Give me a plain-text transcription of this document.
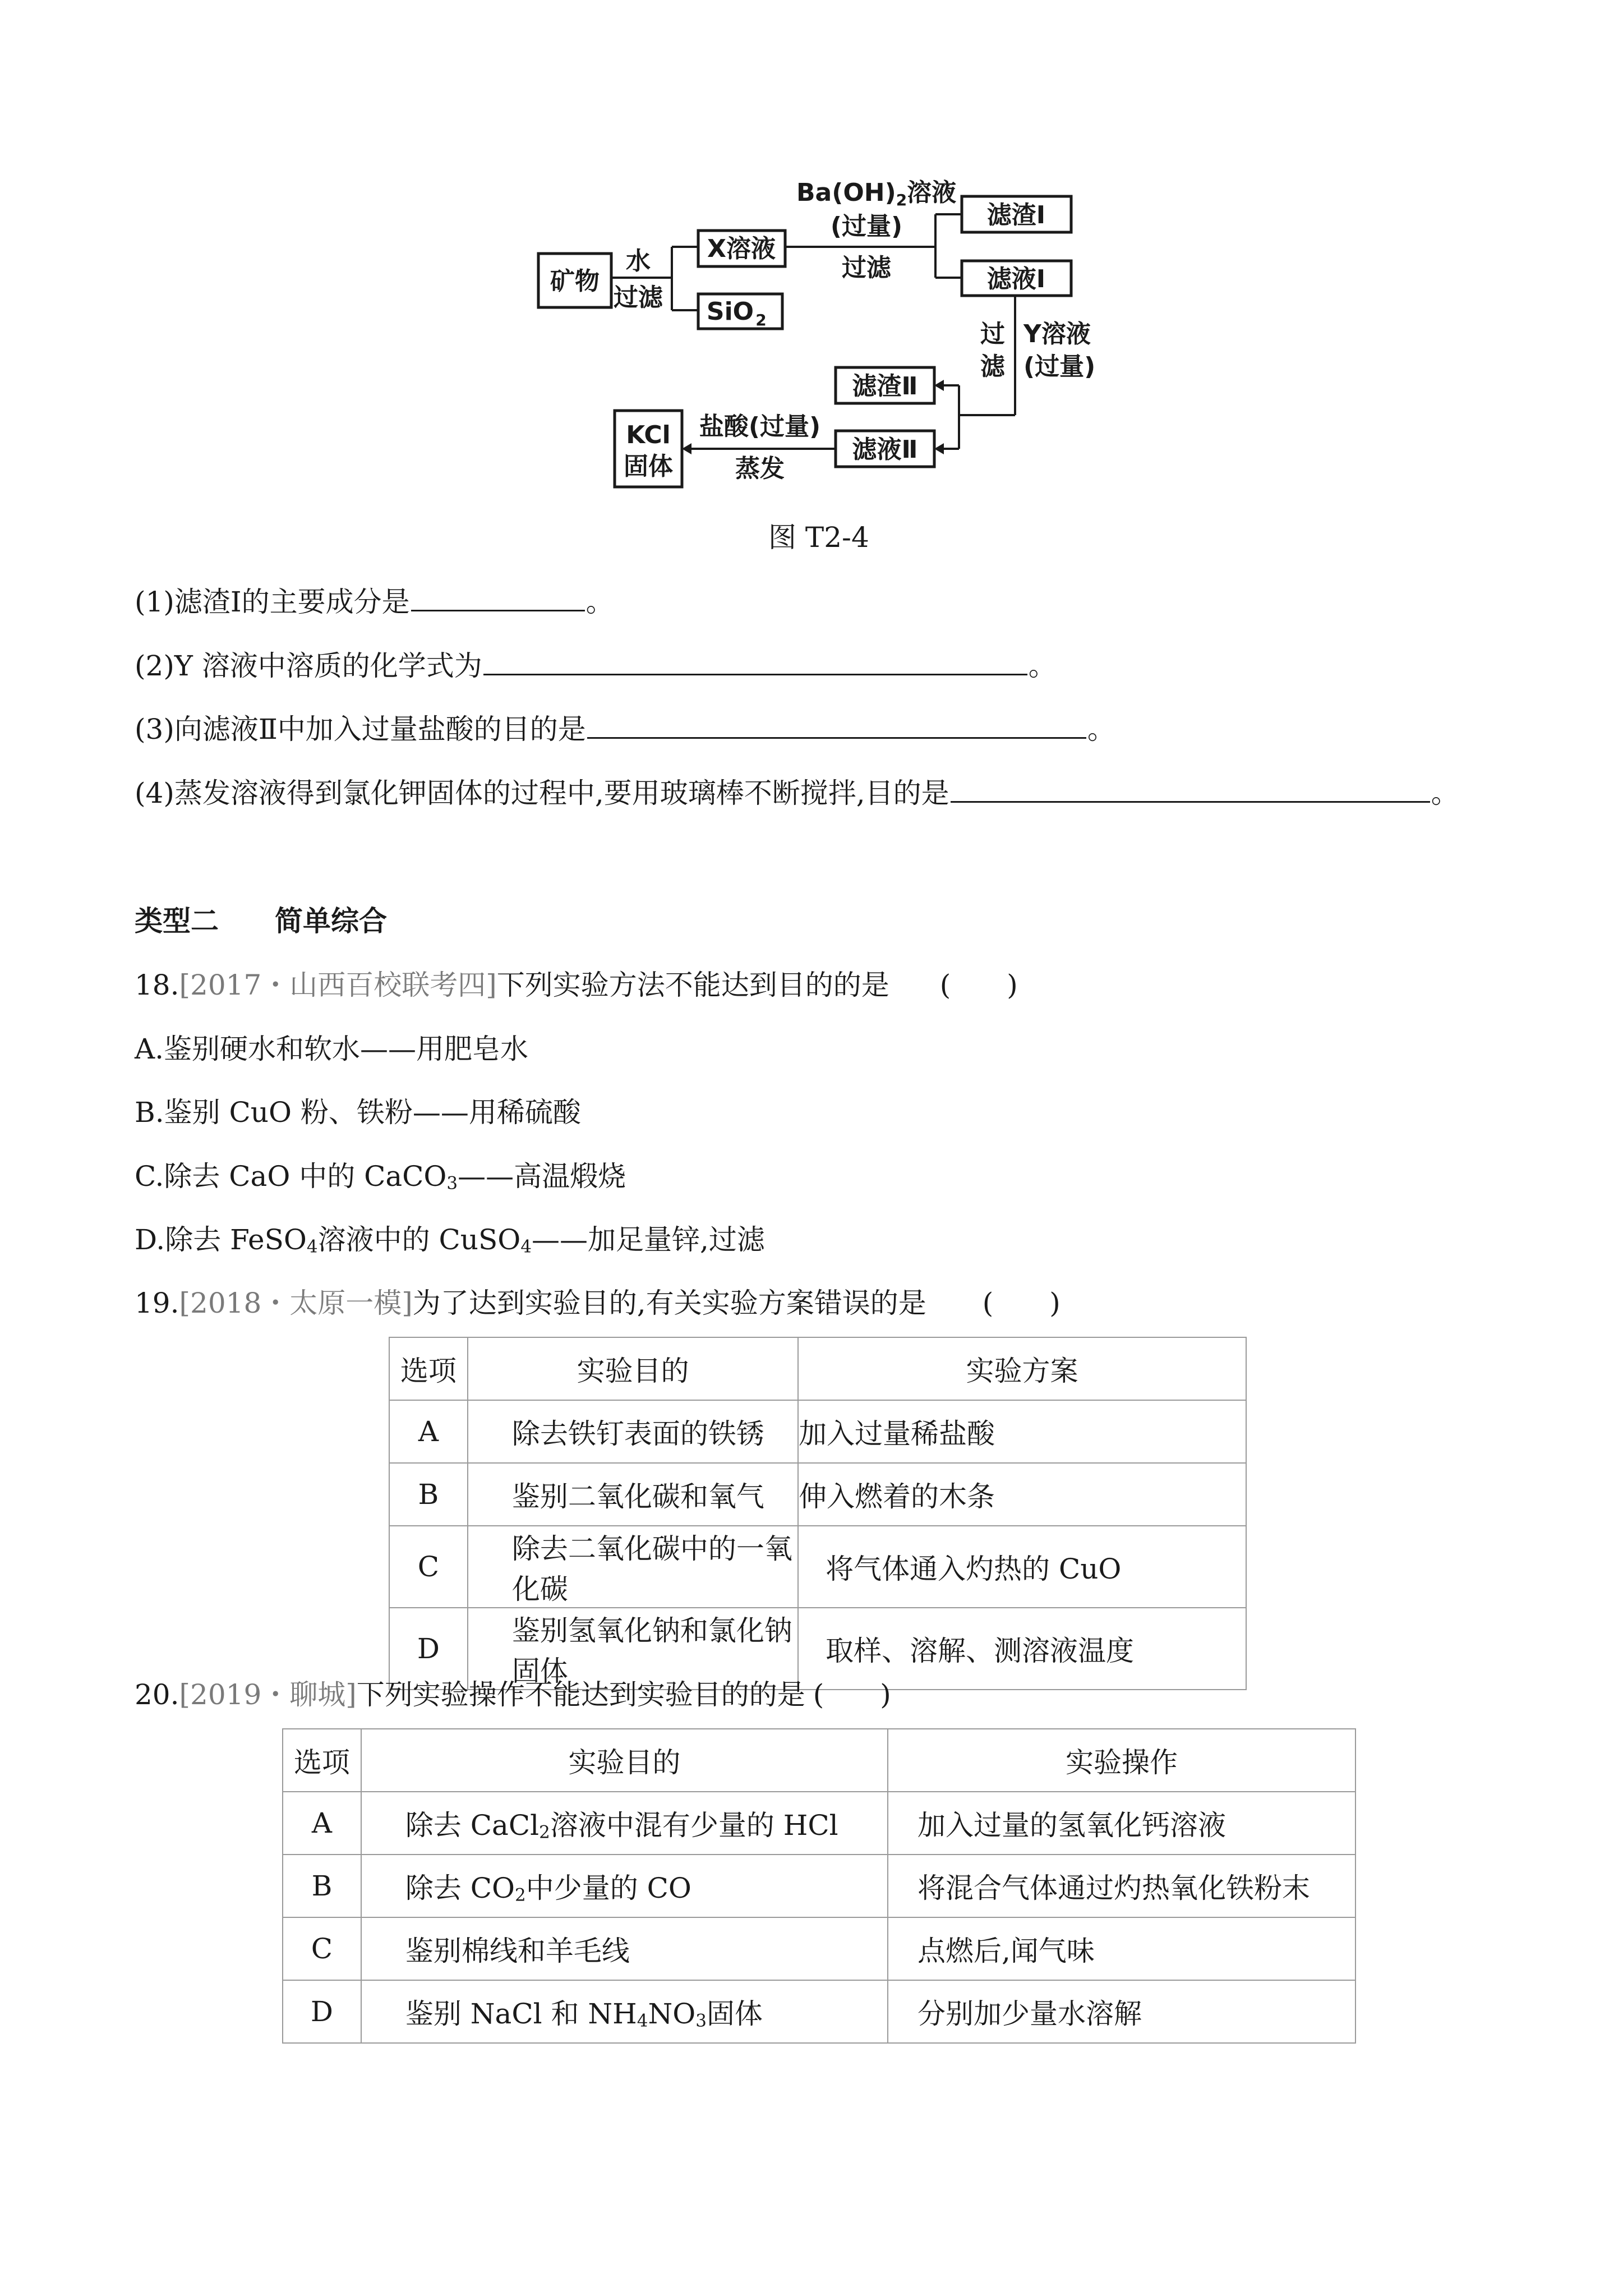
矿物
X溶液
SiO 2
滤渣Ⅰ
滤液Ⅰ
滤渣Ⅱ
滤液Ⅱ
KCl
固体
水
过滤
Ba(OH)2溶液
(过量)
过滤
过
滤
Y溶液
(过量)
盐酸(过量)
蒸发
图 T2-4
(1)滤渣Ⅰ的主要成分是	。
(2)Y 溶液中溶质的化学式为	。
(3)向滤液Ⅱ中加入过量盐酸的目的是	。
(4)蒸发溶液得到氯化钾固体的过程中,要用玻璃棒不断搅拌,目的是	。
类型二　　简单综合
18.[2017・山西百校联考四]下列实验方法不能达到目的的是 (　　)
A.鉴别硬水和软水——用肥皂水
B.鉴别 CuO 粉、铁粉——用稀硫酸
C.除去 CaO 中的 CaCO$_3$——高温煅烧
D.除去 FeSO$_4$溶液中的 CuSO$_4$——加足量锌,过滤
19.[2018・太原一模]为了达到实验目的,有关实验方案错误的是 (　　)
选项	实验目的	实验方案
A	除去铁钉表面的铁锈	加入过量稀盐酸
B	鉴别二氧化碳和氧气	伸入燃着的木条
C	除去二氧化碳中的一氧化碳	将气体通入灼热的 CuO
D	鉴别氢氧化钠和氯化钠固体	取样、溶解、测溶液温度
20.[2019・聊城]下列实验操作不能达到实验目的的是 (　　)
选项	实验目的	实验操作
A	除去 CaCl$_2$溶液中混有少量的 HCl	加入过量的氢氧化钙溶液
B	除去 $CO_2$中少量的 CO	将混合气体通过灼热氧化铁粉末
C	鉴别棉线和羊毛线	点燃后,闻气味
D	鉴别 NaCl 和 $NH_4NO_3$固体	分别加少量水溶解
